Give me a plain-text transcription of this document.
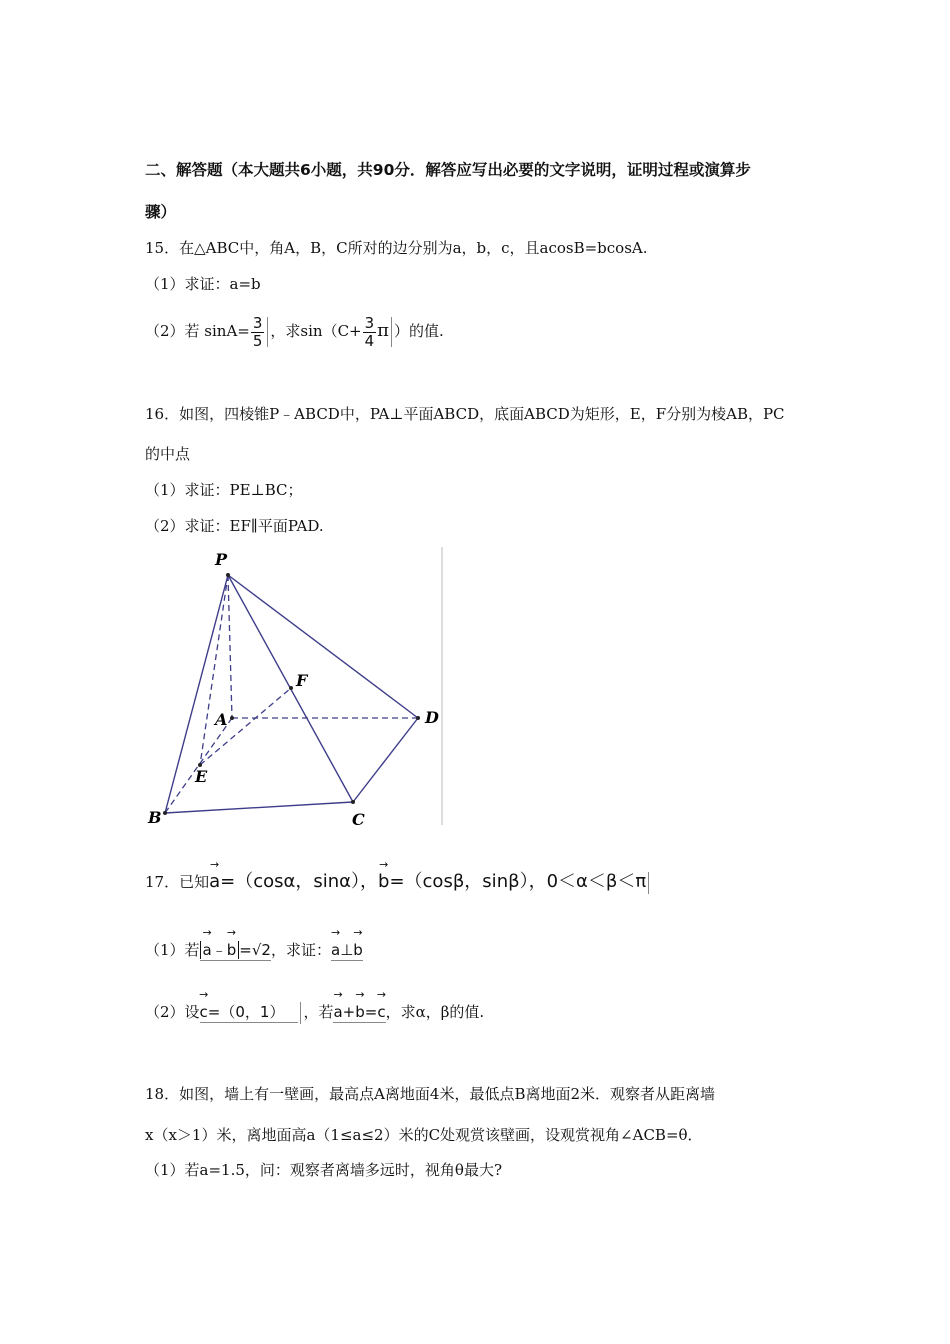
二、解答题（本大题共6小题，共90分．解答应写出必要的文字说明，证明过程或演算步
骤）
15．在△ABC中，角A，B，C所对的边分别为a，b，c，且acosB=bcosA.
（1）求证：a=b
（2）若 $\sin A= \frac{3}{5}$ ，求$\sin(C+ \frac{3}{4}$ π ）的值.
16．如图，四棱锥P﹣ABCD中，PA⊥平面ABCD，底面ABCD为矩形，E，F分别为棱AB，PC
的中点
（1）求证：PE⊥BC；
（2）求证：EF∥平面PAD.
P
A
B	C
D
E
F
17．已知→ a=（cosα，sinα），→ b=（cosβ，sinβ），0＜α＜β＜π
（1）若→ a﹣→ b =√2，求证：→ a⊥→ b
（2）设→ c=（0，1） ，若→ a+→ b=→ c，求α，β的值.
18．如图，墙上有一壁画，最高点A离地面4米，最低点B离地面2米．观察者从距离墙
x（x＞1）米，离地面高a（1≤a≤2）米的C处观赏该壁画，设观赏视角∠ACB=θ．
（1）若a=1.5，问：观察者离墙多远时，视角θ最大?
